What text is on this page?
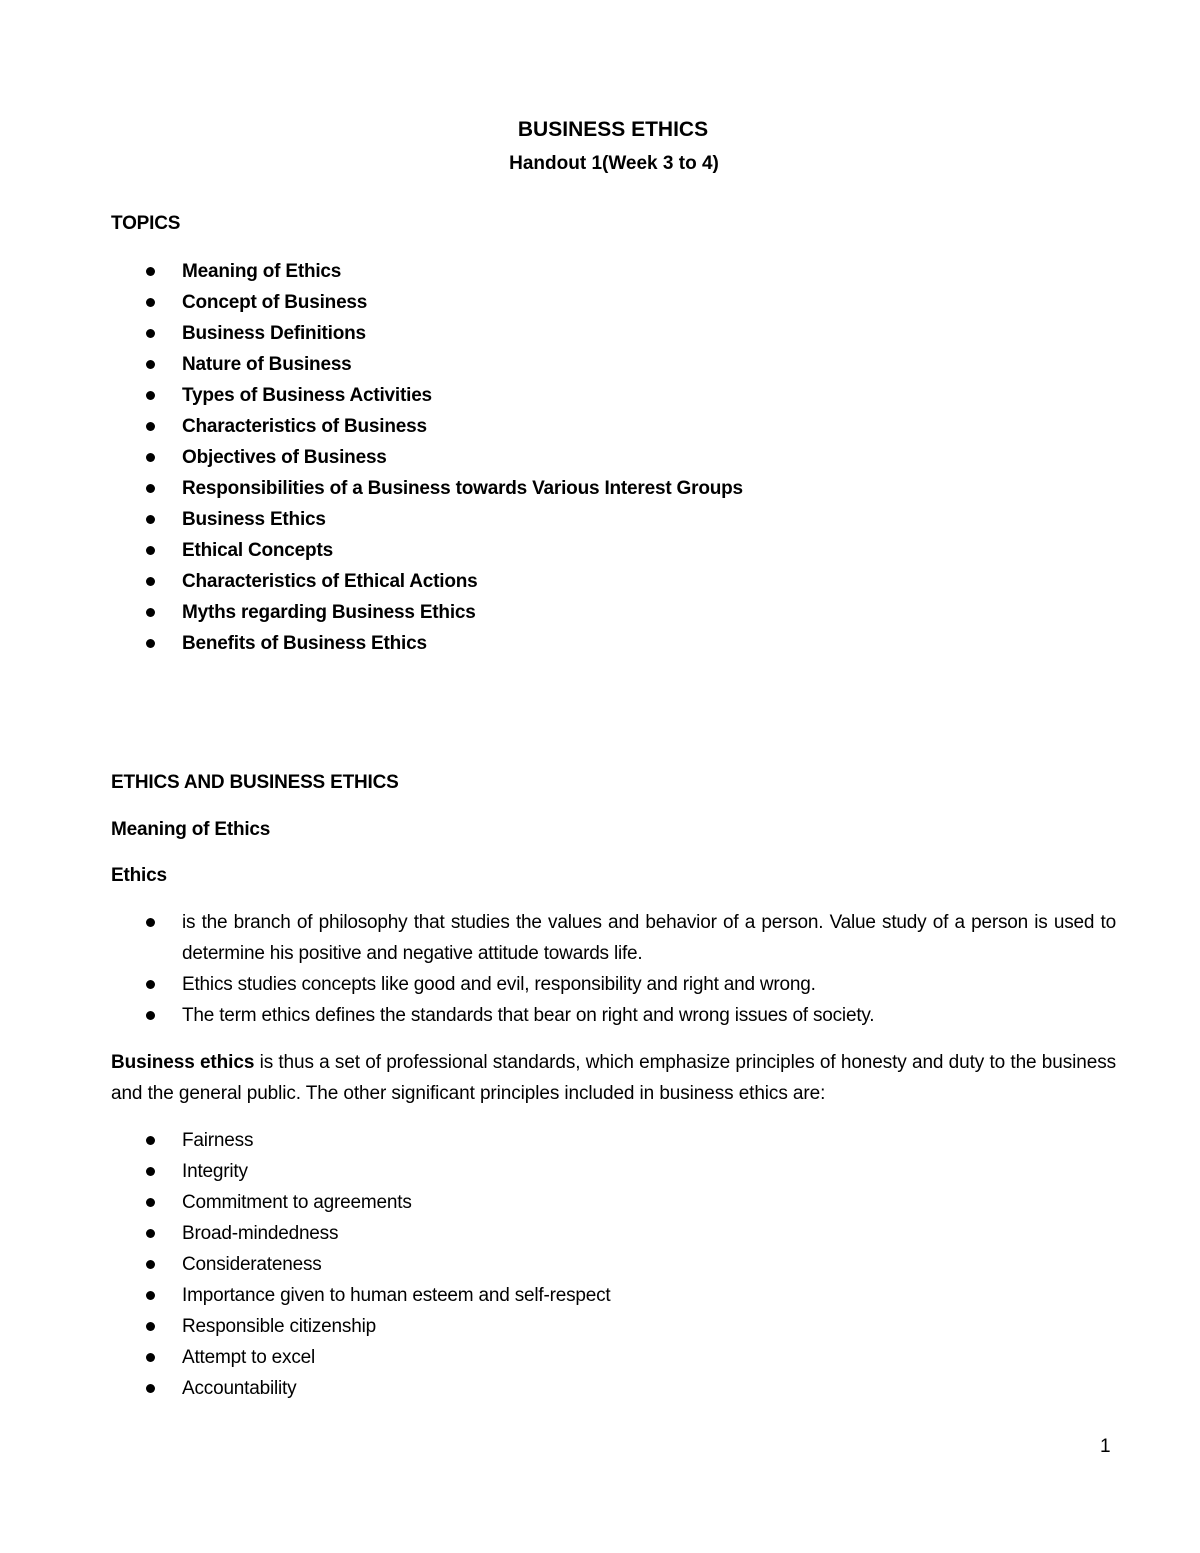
BUSINESS ETHICS
Handout 1(Week 3 to 4)
TOPICS
Meaning of Ethics
Concept of Business
Business Definitions
Nature of Business
Types of Business Activities
Characteristics of Business
Objectives of Business
Responsibilities of a Business towards Various Interest Groups
Business Ethics
Ethical Concepts
Characteristics of Ethical Actions
Myths regarding Business Ethics
Benefits of Business Ethics
ETHICS AND BUSINESS ETHICS
Meaning of Ethics
Ethics
is the branch of philosophy that studies the values and behavior of a person. Value study of a person is used to determine his positive and negative attitude towards life.
Ethics studies concepts like good and evil, responsibility and right and wrong.
The term ethics defines the standards that bear on right and wrong issues of society.

Business ethics is thus a set of professional standards, which emphasize principles of honesty and duty to the business and the general public. The other significant principles included in business ethics are:

Fairness
Integrity
Commitment to agreements
Broad-mindedness
Considerateness
Importance given to human esteem and self-respect
Responsible citizenship
Attempt to excel
Accountability
1
